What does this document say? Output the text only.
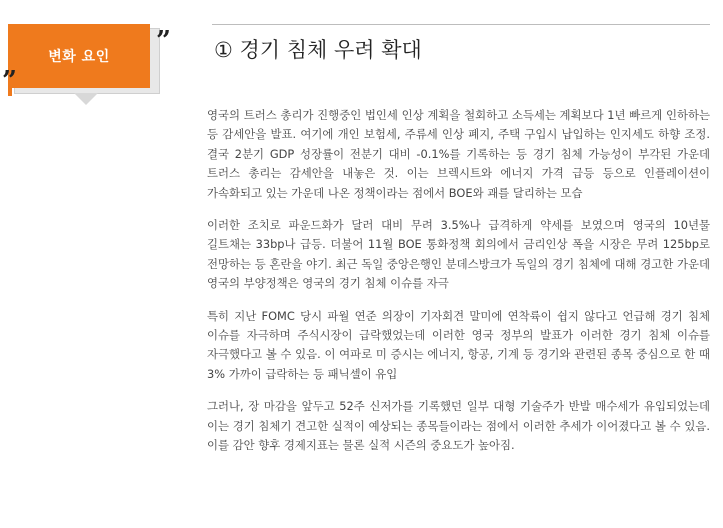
변화 요인
”
”
① 경기 침체 우려 확대

영국의 트러스 총리가 진행중인 법인세 인상 계획을 철회하고 소득세는 계획보다 1년 빠르게 인하하는 등 감세안을 발표. 여기에 개인 보험세, 주류세 인상 폐지, 주택 구입시 납입하는 인지세도 하향 조정. 결국 2분기 GDP 성장률이 전분기 대비 -0.1%를 기록하는 등 경기 침체 가능성이 부각된 가운데 트러스 총리는 감세안을 내놓은 것. 이는 브렉시트와 에너지 가격 급등 등으로 인플레이션이 가속화되고 있는 가운데 나온 정책이라는 점에서 BOE와 괘를 달리하는 모습

이러한 조치로 파운드화가 달러 대비 무려 3.5%나 급격하게 약세를 보였으며 영국의 10년물 길트채는 33bp나 급등. 더불어 11월 BOE 통화정책 회의에서 금리인상 폭을 시장은 무려 125bp로 전망하는 등 혼란을 야기. 최근 독일 중앙은행인 분데스방크가 독일의 경기 침체에 대해 경고한 가운데 영국의 부양정책은 영국의 경기 침체 이슈를 자극

특히 지난 FOMC 당시 파월 연준 의장이 기자회견 말미에 연착륙이 쉽지 않다고 언급해 경기 침체 이슈를 자극하며 주식시장이 급락했었는데 이러한 영국 정부의 발표가 이러한 경기 침체 이슈를 자극했다고 볼 수 있음. 이 여파로 미 증시는 에너지, 항공, 기계 등 경기와 관련된 종목 중심으로 한 때 3% 가까이 급락하는 등 패닉셀이 유입

그러나, 장 마감을 앞두고 52주 신저가를 기록했던 일부 대형 기술주가 반발 매수세가 유입되었는데 이는 경기 침체기 견고한 실적이 예상되는 종목들이라는 점에서 이러한 추세가 이어졌다고 볼 수 있음. 이를 감안 향후 경제지표는 물론 실적 시즌의 중요도가 높아짐.
